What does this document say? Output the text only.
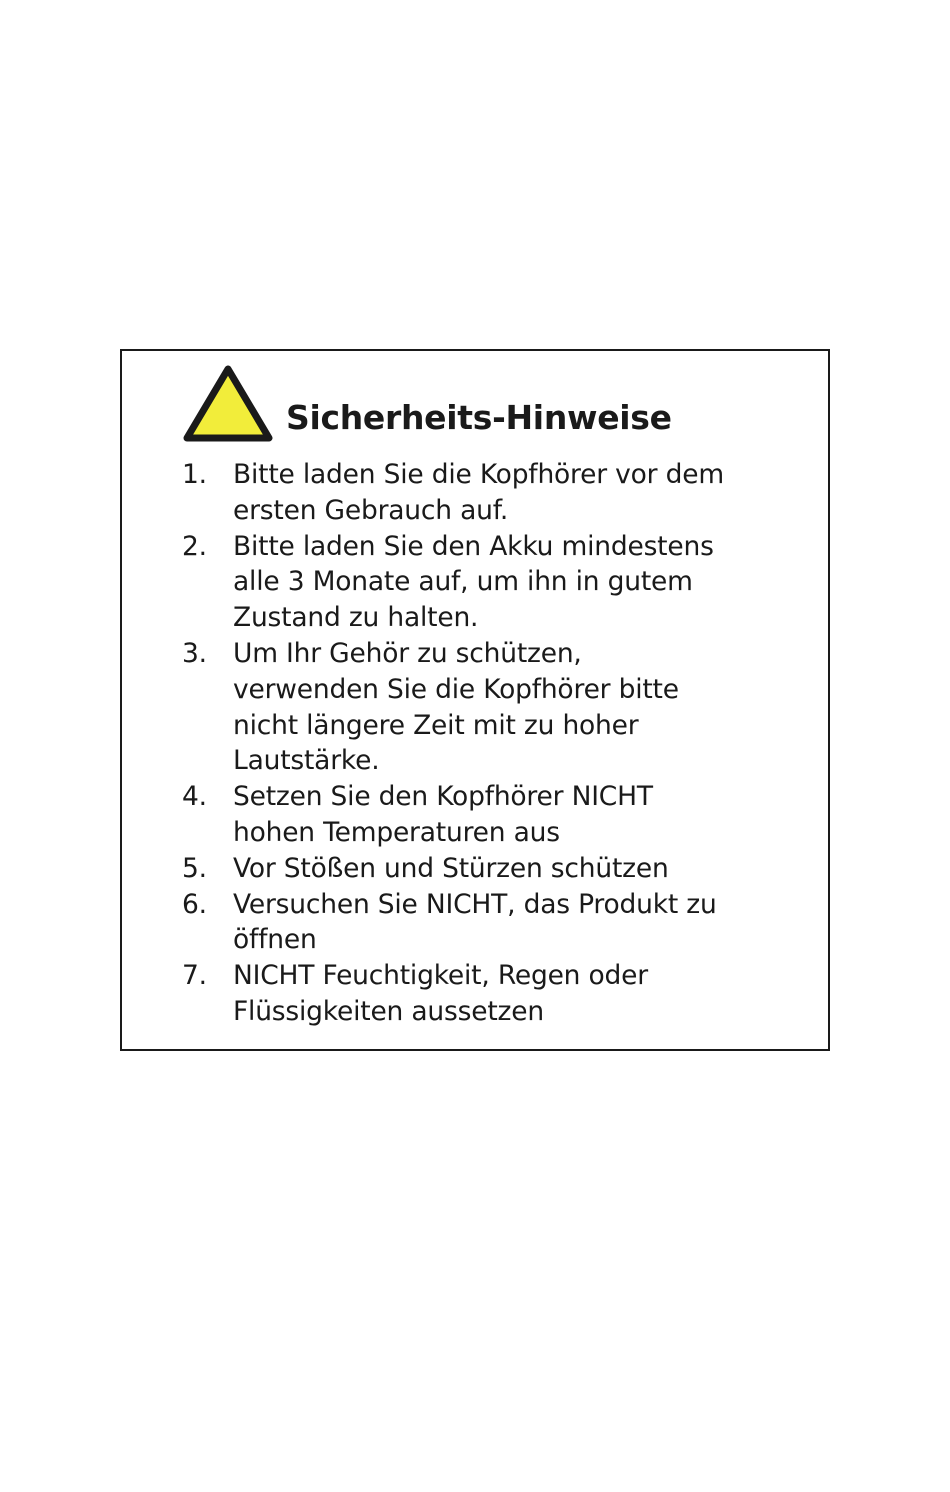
Sicherheits-Hinweise
1. Bitte laden Sie die Kopfhörer vor dem
ersten Gebrauch auf.
2. Bitte laden Sie den Akku mindestens
alle 3 Monate auf, um ihn in gutem
Zustand zu halten.
3. Um Ihr Gehör zu schützen,
verwenden Sie die Kopfhörer bitte
nicht längere Zeit mit zu hoher
Lautstärke.
4. Setzen Sie den Kopfhörer NICHT
hohen Temperaturen aus
5. Vor Stößen und Stürzen schützen
6. Versuchen Sie NICHT, das Produkt zu
öffnen
7. NICHT Feuchtigkeit, Regen oder
Flüssigkeiten aussetzen
